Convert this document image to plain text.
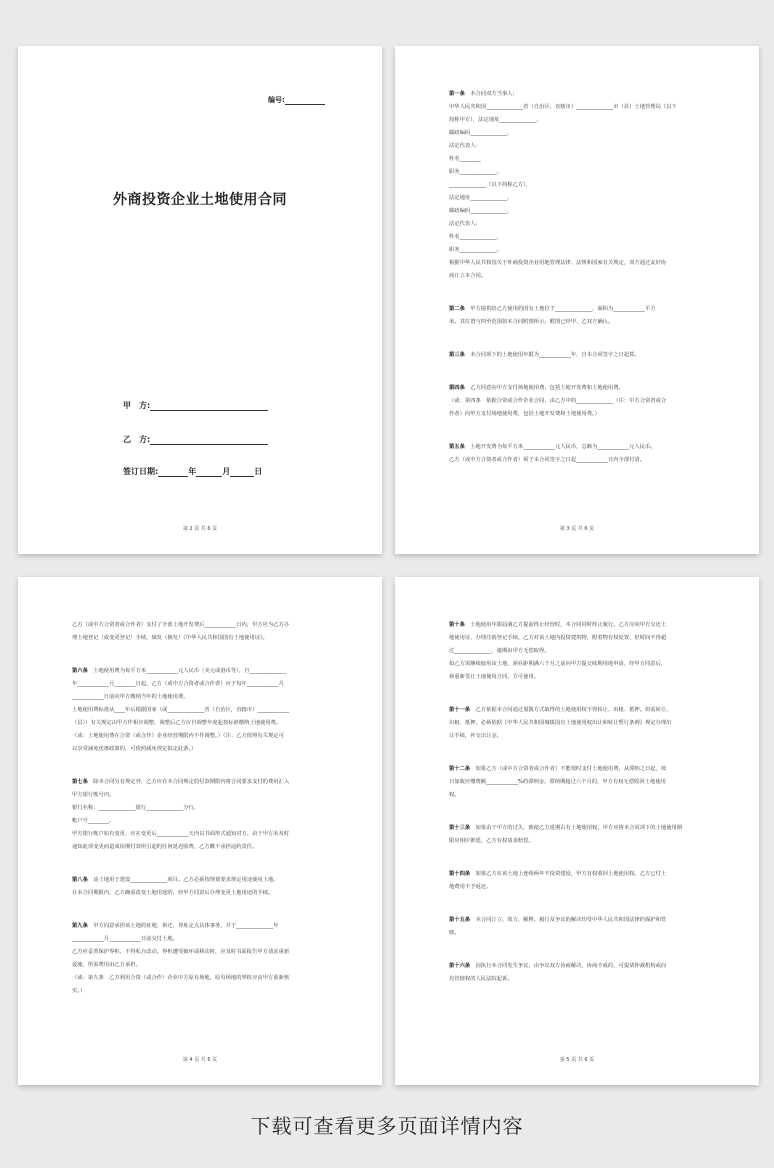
编号:
外商投资企业土地使用合同
甲　方:
乙　方:
签订日期:	年	月	日
第 2 页 共 6 页

第一条　本合同双方当事人:

中华人民共和国______________省（自治区、直辖市）______________市（县）土地管理局（以下

简称甲方），法定地址______________，

邮政编码______________，

法定代表人:

姓名________

职务______________。

______________（以下简称乙方），

法定地址______________，

邮政编码______________，

法定代表人:

姓名______________，

职务______________。

根据中华人民共和国关于外商投资企业用地管理法律、法规和国家有关规定，双方通过友好协

商订立本合同。

第二条　甲方提供给乙方使用的国有土地位于______________，面积为____________平方

米。其位置与四至范围如本合同附图所示。附图已经甲、乙双方确认。

第三条　本合同项下的土地使用年限为____________年，自本合同签字之日起算。

第四条　乙方同意向甲方支付场地使用费，包括土地开发费和土地使用费。

（或：第四条　依据合资或合作企业合同，由乙方中的______________（注：中方合资者或合

作者）向甲方支付场地使用费，包括土地开发费和土地使用费。）

第五条　土地开发费为每平方米____________元人民币，总额为____________元人民币。

乙方（或中方合资者或合作者）须于本合同签字之日起____________日内全部付清。

第 3 页 共 6 页

乙方（或中方合资者或合作者）支付了全部土地开发费后____________日内，甲方应为乙方办

理土地登记（或变更登记）手续，颁发（换发）《中华人民共和国国有土地使用证》。

第六条　土地使用费为每平方米____________元人民币（美元或港币等），自______________

年____________月________日起，乙方（或中方合资者或合作者）应于每年____________月

____________日前向甲方缴纳当年的土地使用费。

土地使用费标准从____年后根据国家（或______________省（自治区，直辖市）____________

（县））有关规定由甲方作相应调整，调整后乙方应自调整年度起按标准缴纳土地使用费。

（或：土地使用费在合资（或合作）企业经营期限内不作调整。）（注：乙方依照有关规定可

以享受减免优惠政策的，可依照减免规定拟定此条。）

第七条　除本合同另有规定外，乙方应在本合同规定的付款期限内将合同要求支付的费用汇入

甲方银行帐号内。

银行名称：______________银行______________分行，

帐户号________。

甲方银行帐户如有变更，应在变更后____________天内以书面形式通知对方。由于甲方未及时

通知此项变更而造成误期付款所引起的任何延迟收费，乙方概不承担违约责任。

第八条　该土地用于建设______________项目。乙方必须按规划要求规定用途使用土地。

在本合同期限内，乙方确需改变土地用途的，经甲方同意后办理变更土地用途的手续。

第九条　甲方同意承担该土地的征地、拆迁、界址定点具体事务，并于______________年

____________月____________日前交付土地。

乙方应妥善保护界桩，不得私自改动。界桩遭受破坏或移动时，应及时书面报告甲方请求重新

设施，所需费用由乙方承担。

（或：第九条　乙方利用合资（或合作）企业中方原有场地，原有场地的界桩应由甲方重新核

实。）

第 4 页 共 6 页

第十条　土地使用年限届满乙方提前终止经营时，本合同同时终止履行。乙方应向甲方交还土

地使用证，办理注销登记手续。乙方对该土地内投资建筑物，附着物有权处置，但时间不得超

过______________，逾期由甲方无偿取得。

如乙方需继续使用该土地，须在距期满六个月之前向甲方提交续期用地申请，经甲方同意后，

须重新签订土地使用合同，方可使用。

第十一条　乙方依据本合同通过划拨方式取得的土地使用权不得转让、出租、抵押。如需转让、

出租、抵押，必须依据《中华人民共和国城镇国有土地使用权出让和转让暂行条例》规定办理出

让手续，补交出让金。

第十二条　如果乙方（或中方合资者或合作者）不能按时支付土地使用费，从滞纳之日起，按

日加收应缴费额____________%的滞纳金，滞纳期超过六个月的，甲方有权无偿收回土地使用

权。

第十三条　如果由于甲方的过失，致使乙方延期占有土地使用权，甲方应将本合同项下的土地使用期

限应相应推延，乙方有权请求赔偿。

第十四条　如果乙方在该土地上连续两年不投资建设，甲方有权收回土地使用权。乙方已付土

地费用不予返还。

第十五条　本合同订立、效力、解释、履行及争议的解决均受中华人民共和国法律的保护和管

辖。

第十六条　因执行本合同发生争议，由争议双方协商解决，协商不成的，可提请仲裁机构或向

有管辖权的人民法院起诉。

第 5 页 共 6 页
下载可查看更多页面详情内容
